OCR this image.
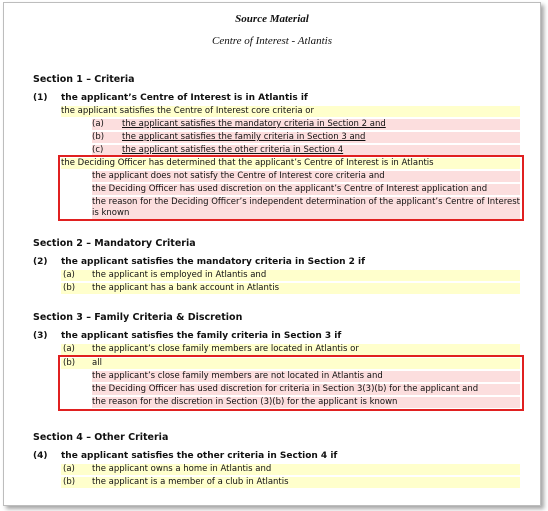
Source Material
Centre of Interest - Atlantis
Section 1 – Criteria
(1) the applicant’s Centre of Interest is in Atlantis if
the applicant satisfies the Centre of Interest core criteria or
(a) the applicant satisfies the mandatory criteria in Section 2 and

(b) the applicant satisfies the family criteria in Section 3 and

(c) the applicant satisfies the other criteria in Section 4

the Deciding Officer has determined that the applicant’s Centre of Interest is in Atlantis
the applicant does not satisfy the Centre of Interest core criteria and
the Deciding Officer has used discretion on the applicant’s Centre of Interest application and
the reason for the Deciding Officer’s independent determination of the applicant’s Centre of Interest
is known
Section 2 – Mandatory Criteria
(2) the applicant satisfies the mandatory criteria in Section 2 if
(a) the applicant is employed in Atlantis and

(b) the applicant has a bank account in Atlantis

Section 3 – Family Criteria & Discretion
(3) the applicant satisfies the family criteria in Section 3 if
(a) the applicant’s close family members are located in Atlantis or

(b) all

the applicant’s close family members are not located in Atlantis and
the Deciding Officer has used discretion for criteria in Section 3(3)(b) for the applicant and
the reason for the discretion in Section (3)(b) for the applicant is known
Section 4 – Other Criteria
(4) the applicant satisfies the other criteria in Section 4 if
(a) the applicant owns a home in Atlantis and

(b) the applicant is a member of a club in Atlantis
